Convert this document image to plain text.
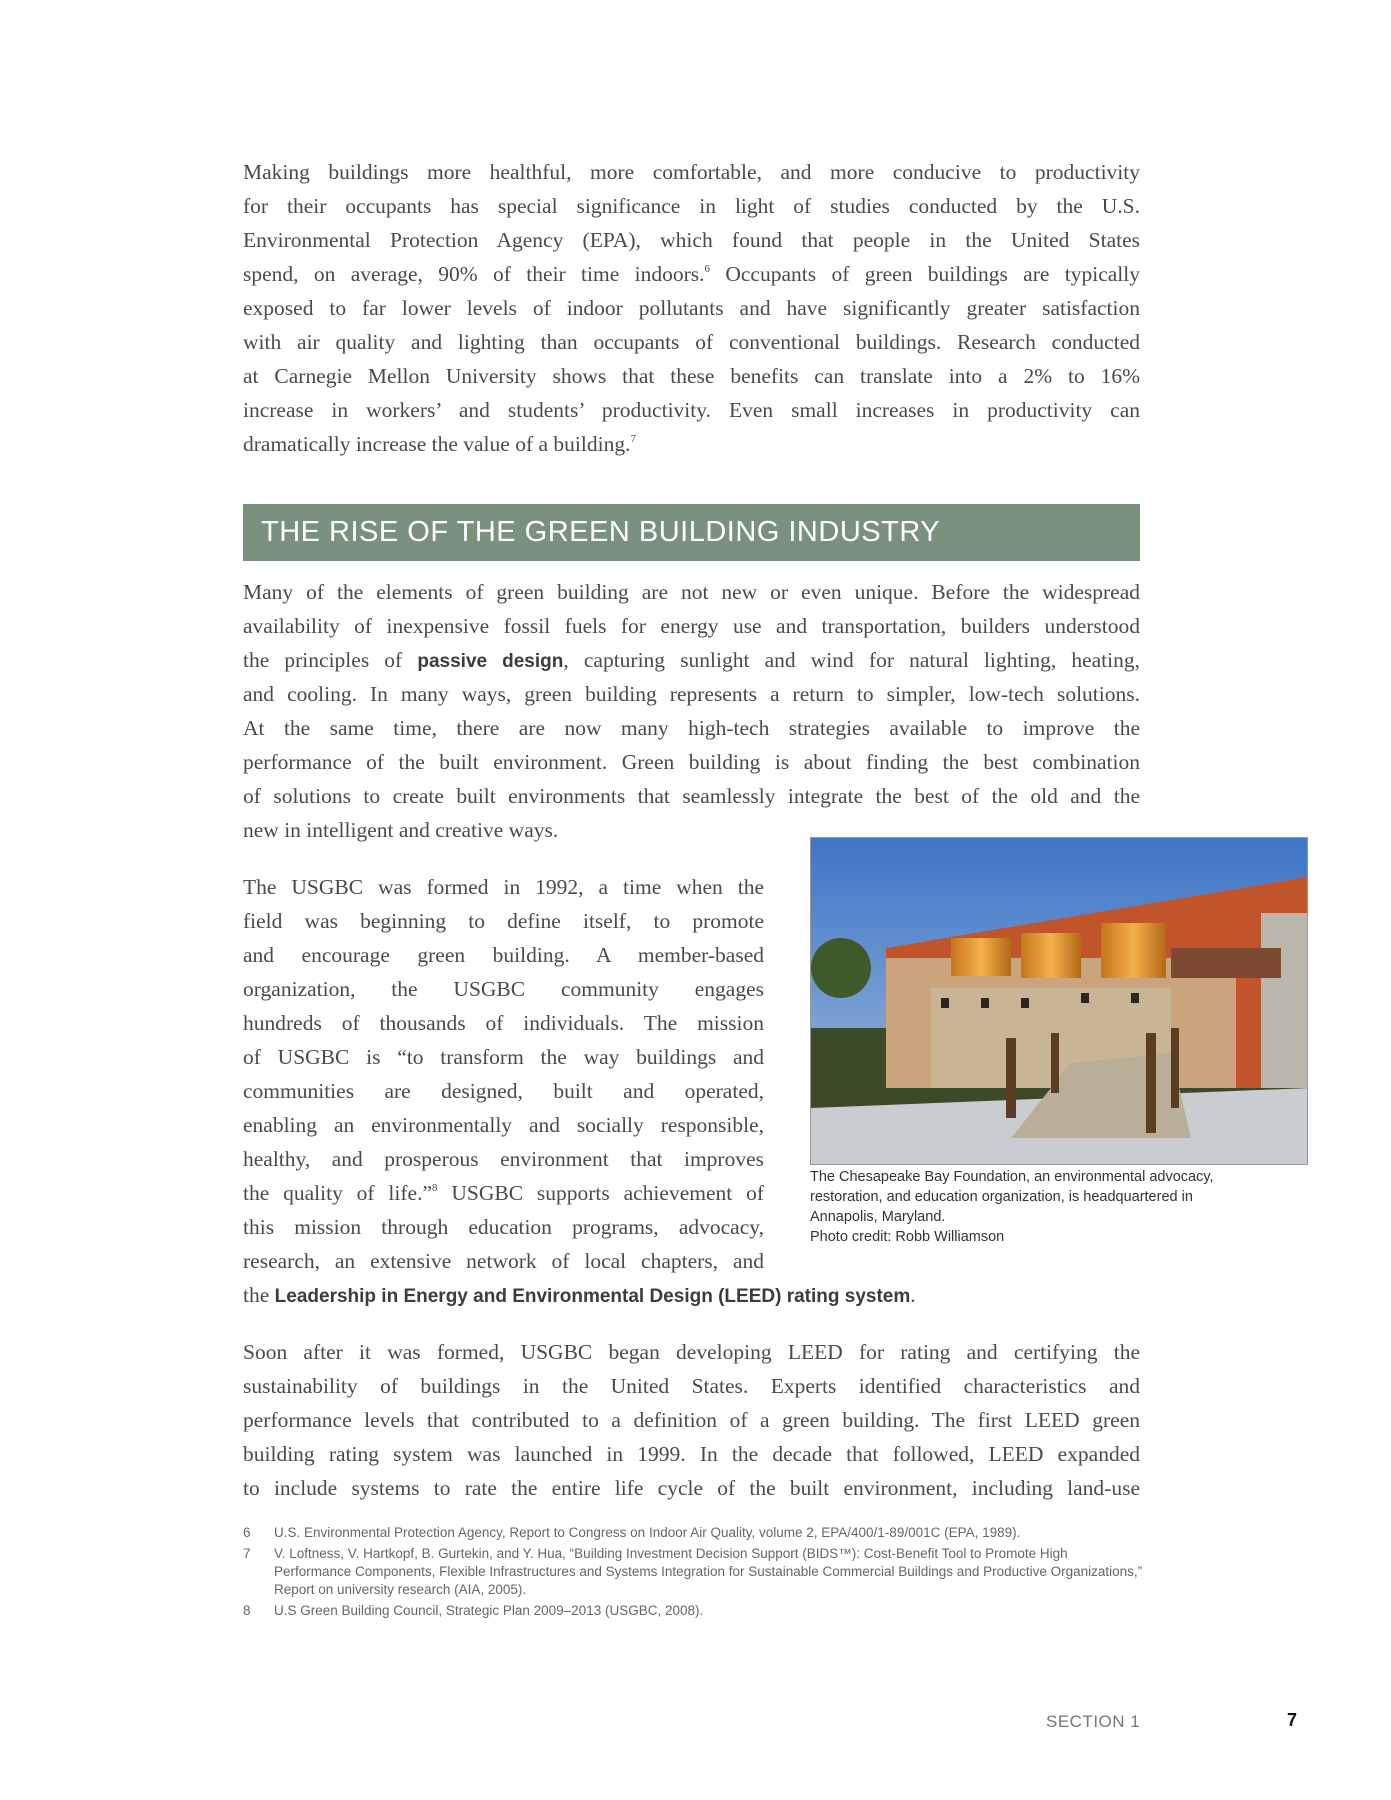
Making buildings more healthful, more comfortable, and more conducive to productivity
for their occupants has special significance in light of studies conducted by the U.S.
Environmental Protection Agency (EPA), which found that people in the United States
spend, on average, 90% of their time indoors.$^6$ Occupants of green buildings are typically
exposed to far lower levels of indoor pollutants and have significantly greater satisfaction
with air quality and lighting than occupants of conventional buildings. Research conducted
at Carnegie Mellon University shows that these benefits can translate into a 2% to 16%
increase in workers’ and students’ productivity. Even small increases in productivity can
dramatically increase the value of a building.$^7$
THE RISE OF THE GREEN BUILDING INDUSTRY
Many of the elements of green building are not new or even unique. Before the widespread
availability of inexpensive fossil fuels for energy use and transportation, builders understood
the principles of passive design, capturing sunlight and wind for natural lighting, heating,
and cooling. In many ways, green building represents a return to simpler, low-tech solutions.
At the same time, there are now many high-tech strategies available to improve the
performance of the built environment. Green building is about finding the best combination
of solutions to create built environments that seamlessly integrate the best of the old and the
new in intelligent and creative ways.
The USGBC was formed in 1992, a time when the
field was beginning to define itself, to promote
and encourage green building. A member-based
organization, the USGBC community engages
hundreds of thousands of individuals. The mission
of USGBC is “to transform the way buildings and
communities are designed, built and operated,
enabling an environmentally and socially responsible,
healthy, and prosperous environment that improves
the quality of life.”$^8$ USGBC supports achievement of
this mission through education programs, advocacy,
research, an extensive network of local chapters, and
the Leadership in Energy and Environmental Design (LEED) rating system.
Soon after it was formed, USGBC began developing LEED for rating and certifying the
sustainability of buildings in the United States. Experts identified characteristics and
performance levels that contributed to a definition of a green building. The first LEED green
building rating system was launched in 1999. In the decade that followed, LEED expanded
to include systems to rate the entire life cycle of the built environment, including land-use
The Chesapeake Bay Foundation, an environmental advocacy,
restoration, and education organization, is headquartered in
Annapolis, Maryland.
Photo credit: Robb Williamson
6	U.S. Environmental Protection Agency, Report to Congress on Indoor Air Quality, volume 2, EPA/400/1-89/001C (EPA, 1989).
7	V. Loftness, V. Hartkopf, B. Gurtekin, and Y. Hua, “Building Investment Decision Support (BIDS™): Cost-Benefit Tool to Promote High Performance Components, Flexible Infrastructures and Systems Integration for Sustainable Commercial Buildings and Productive Organizations,” Report on university research (AIA, 2005).
8	U.S Green Building Council, Strategic Plan 2009–2013 (USGBC, 2008).
SECTION 1	7
